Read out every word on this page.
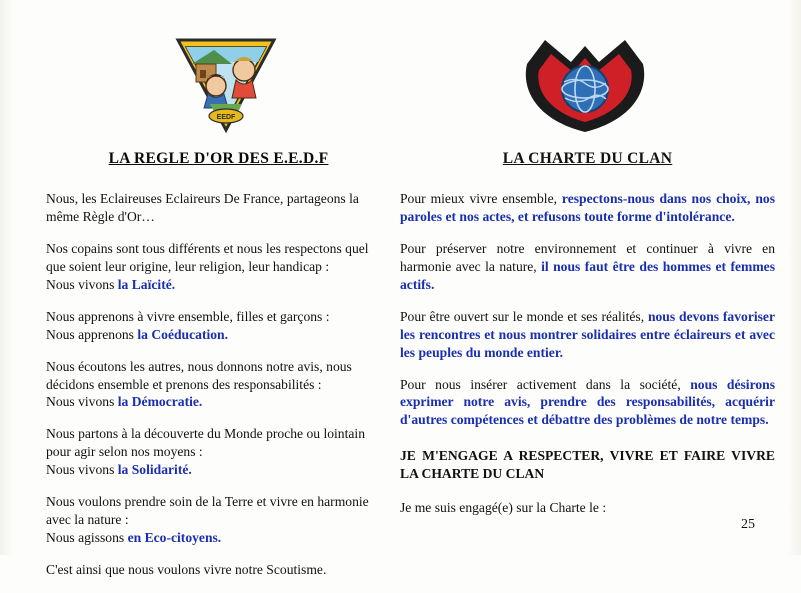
EEDF
LA REGLE D'OR DES E.E.D.F

Nous, les Eclaireuses Eclaireurs De France, partageons la
même Règle d'Or…

Nos copains sont tous différents et nous les respectons quel
que soient leur origine, leur religion, leur handicap :
Nous vivons la Laïcité.

Nous apprenons à vivre ensemble, filles et garçons :
Nous apprenons la Coéducation.

Nous écoutons les autres, nous donnons notre avis, nous
décidons ensemble et prenons des responsabilités :
Nous vivons la Démocratie.

Nous partons à la découverte du Monde proche ou lointain
pour agir selon nos moyens :
Nous vivons la Solidarité.

Nous voulons prendre soin de la Terre et vivre en harmonie
avec la nature :
Nous agissons en Eco-citoyens.

C'est ainsi que nous voulons vivre notre Scoutisme.

LA CHARTE DU CLAN

Pour mieux vivre ensemble, respectons-nous dans nos choix, nos paroles et nos actes, et refusons toute forme d'intolérance.

Pour préserver notre environnement et continuer à vivre en harmonie avec la nature, il nous faut être des hommes et femmes actifs.

Pour être ouvert sur le monde et ses réalités, nous devons favoriser les rencontres et nous montrer solidaires entre éclaireurs et avec les peuples du monde entier.

Pour nous insérer activement dans la société, nous désirons exprimer notre avis, prendre des responsabilités, acquérir d'autres compétences et débattre des problèmes de notre temps.

JE M'ENGAGE A RESPECTER, VIVRE ET FAIRE VIVRE LA CHARTE DU CLAN

Je me suis engagé(e) sur la Charte le :

25
